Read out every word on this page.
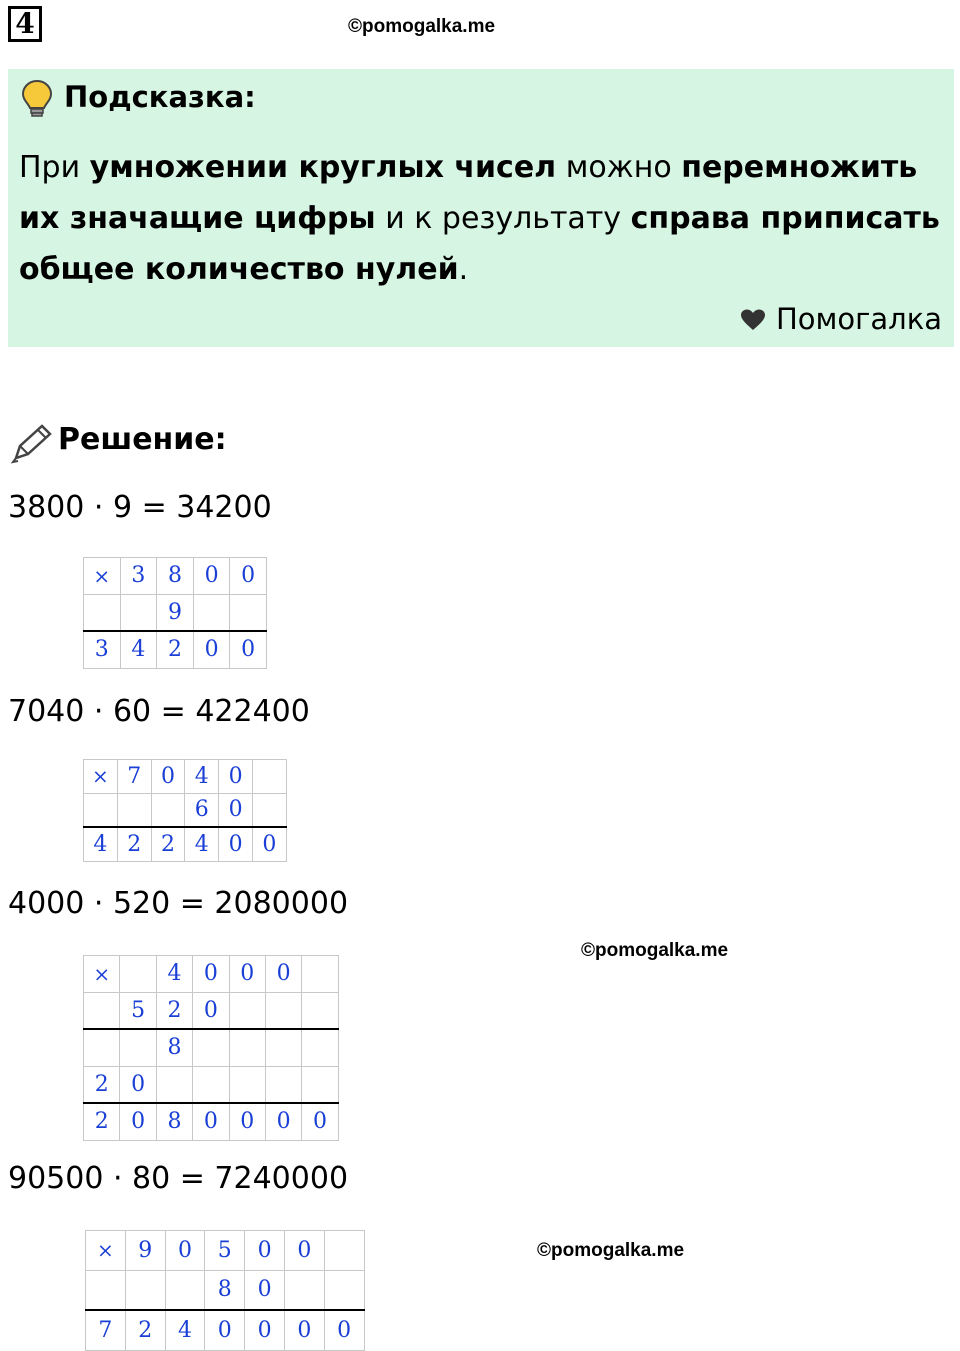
4	©pomogalka.me
Подсказка:
При умножении круглых чисел можно перемножить их значащие цифры и к результату справа приписать общее количество нулей.
Помогалка
Решение:
3800 · 9 = 34200
×	3	8	0	0
		9		
3	4	2	0	0
7040 · 60 = 422400
×	7	0	4	0	
			6	0	
4	2	2	4	0	0
4000 · 520 = 2080000
©pomogalka.me
×		4	0	0	0	
	5	2	0			
		8				
2	0					
2	0	8	0	0	0	0
90500 · 80 = 7240000
©pomogalka.me
×	9	0	5	0	0	
			8	0		
7	2	4	0	0	0	0
